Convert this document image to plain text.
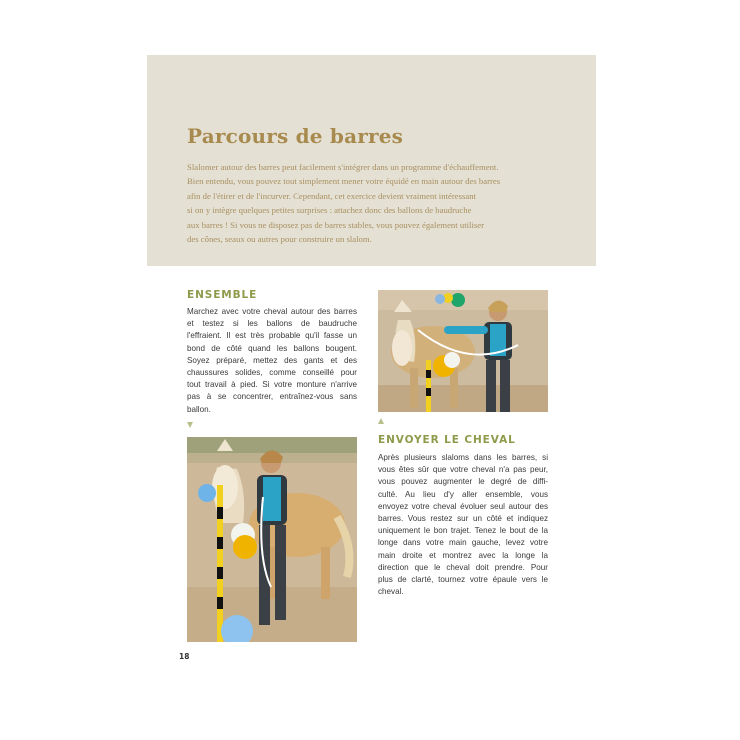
Parcours de barres
Slalomer autour des barres peut facilement s'intégrer dans un programme d'échauffement.
Bien entendu, vous pouvez tout simplement mener votre équidé en main autour des barres
afin de l'étirer et de l'incurver. Cependant, cet exercice devient vraiment intéressant
si on y intègre quelques petites surprises : attachez donc des ballons de baudruche
aux barres ! Si vous ne disposez pas de barres stables, vous pouvez également utiliser
des cônes, seaux ou autres pour construire un slalom.
ENSEMBLE
Marchez avec votre cheval autour des barres
et testez si les ballons de baudruche
l'effraient. Il est très probable qu'il fasse un
bond de côté quand les ballons bougent.
Soyez préparé, mettez des gants et des
chaussures solides, comme conseillé pour
tout travail à pied. Si votre monture n'arrive
pas à se concentrer, entraînez-vous sans
ballon.
ENVOYER LE CHEVAL
Après plusieurs slaloms dans les barres, si
vous êtes sûr que votre cheval n'a pas peur,
vous pouvez augmenter le degré de diffi-
culté. Au lieu d'y aller ensemble, vous
envoyez votre cheval évoluer seul autour des
barres. Vous restez sur un côté et indiquez
uniquement le bon trajet. Tenez le bout de la
longe dans votre main gauche, levez votre
main droite et montrez avec la longe la
direction que le cheval doit prendre. Pour
plus de clarté, tournez votre épaule vers le
cheval.
18
